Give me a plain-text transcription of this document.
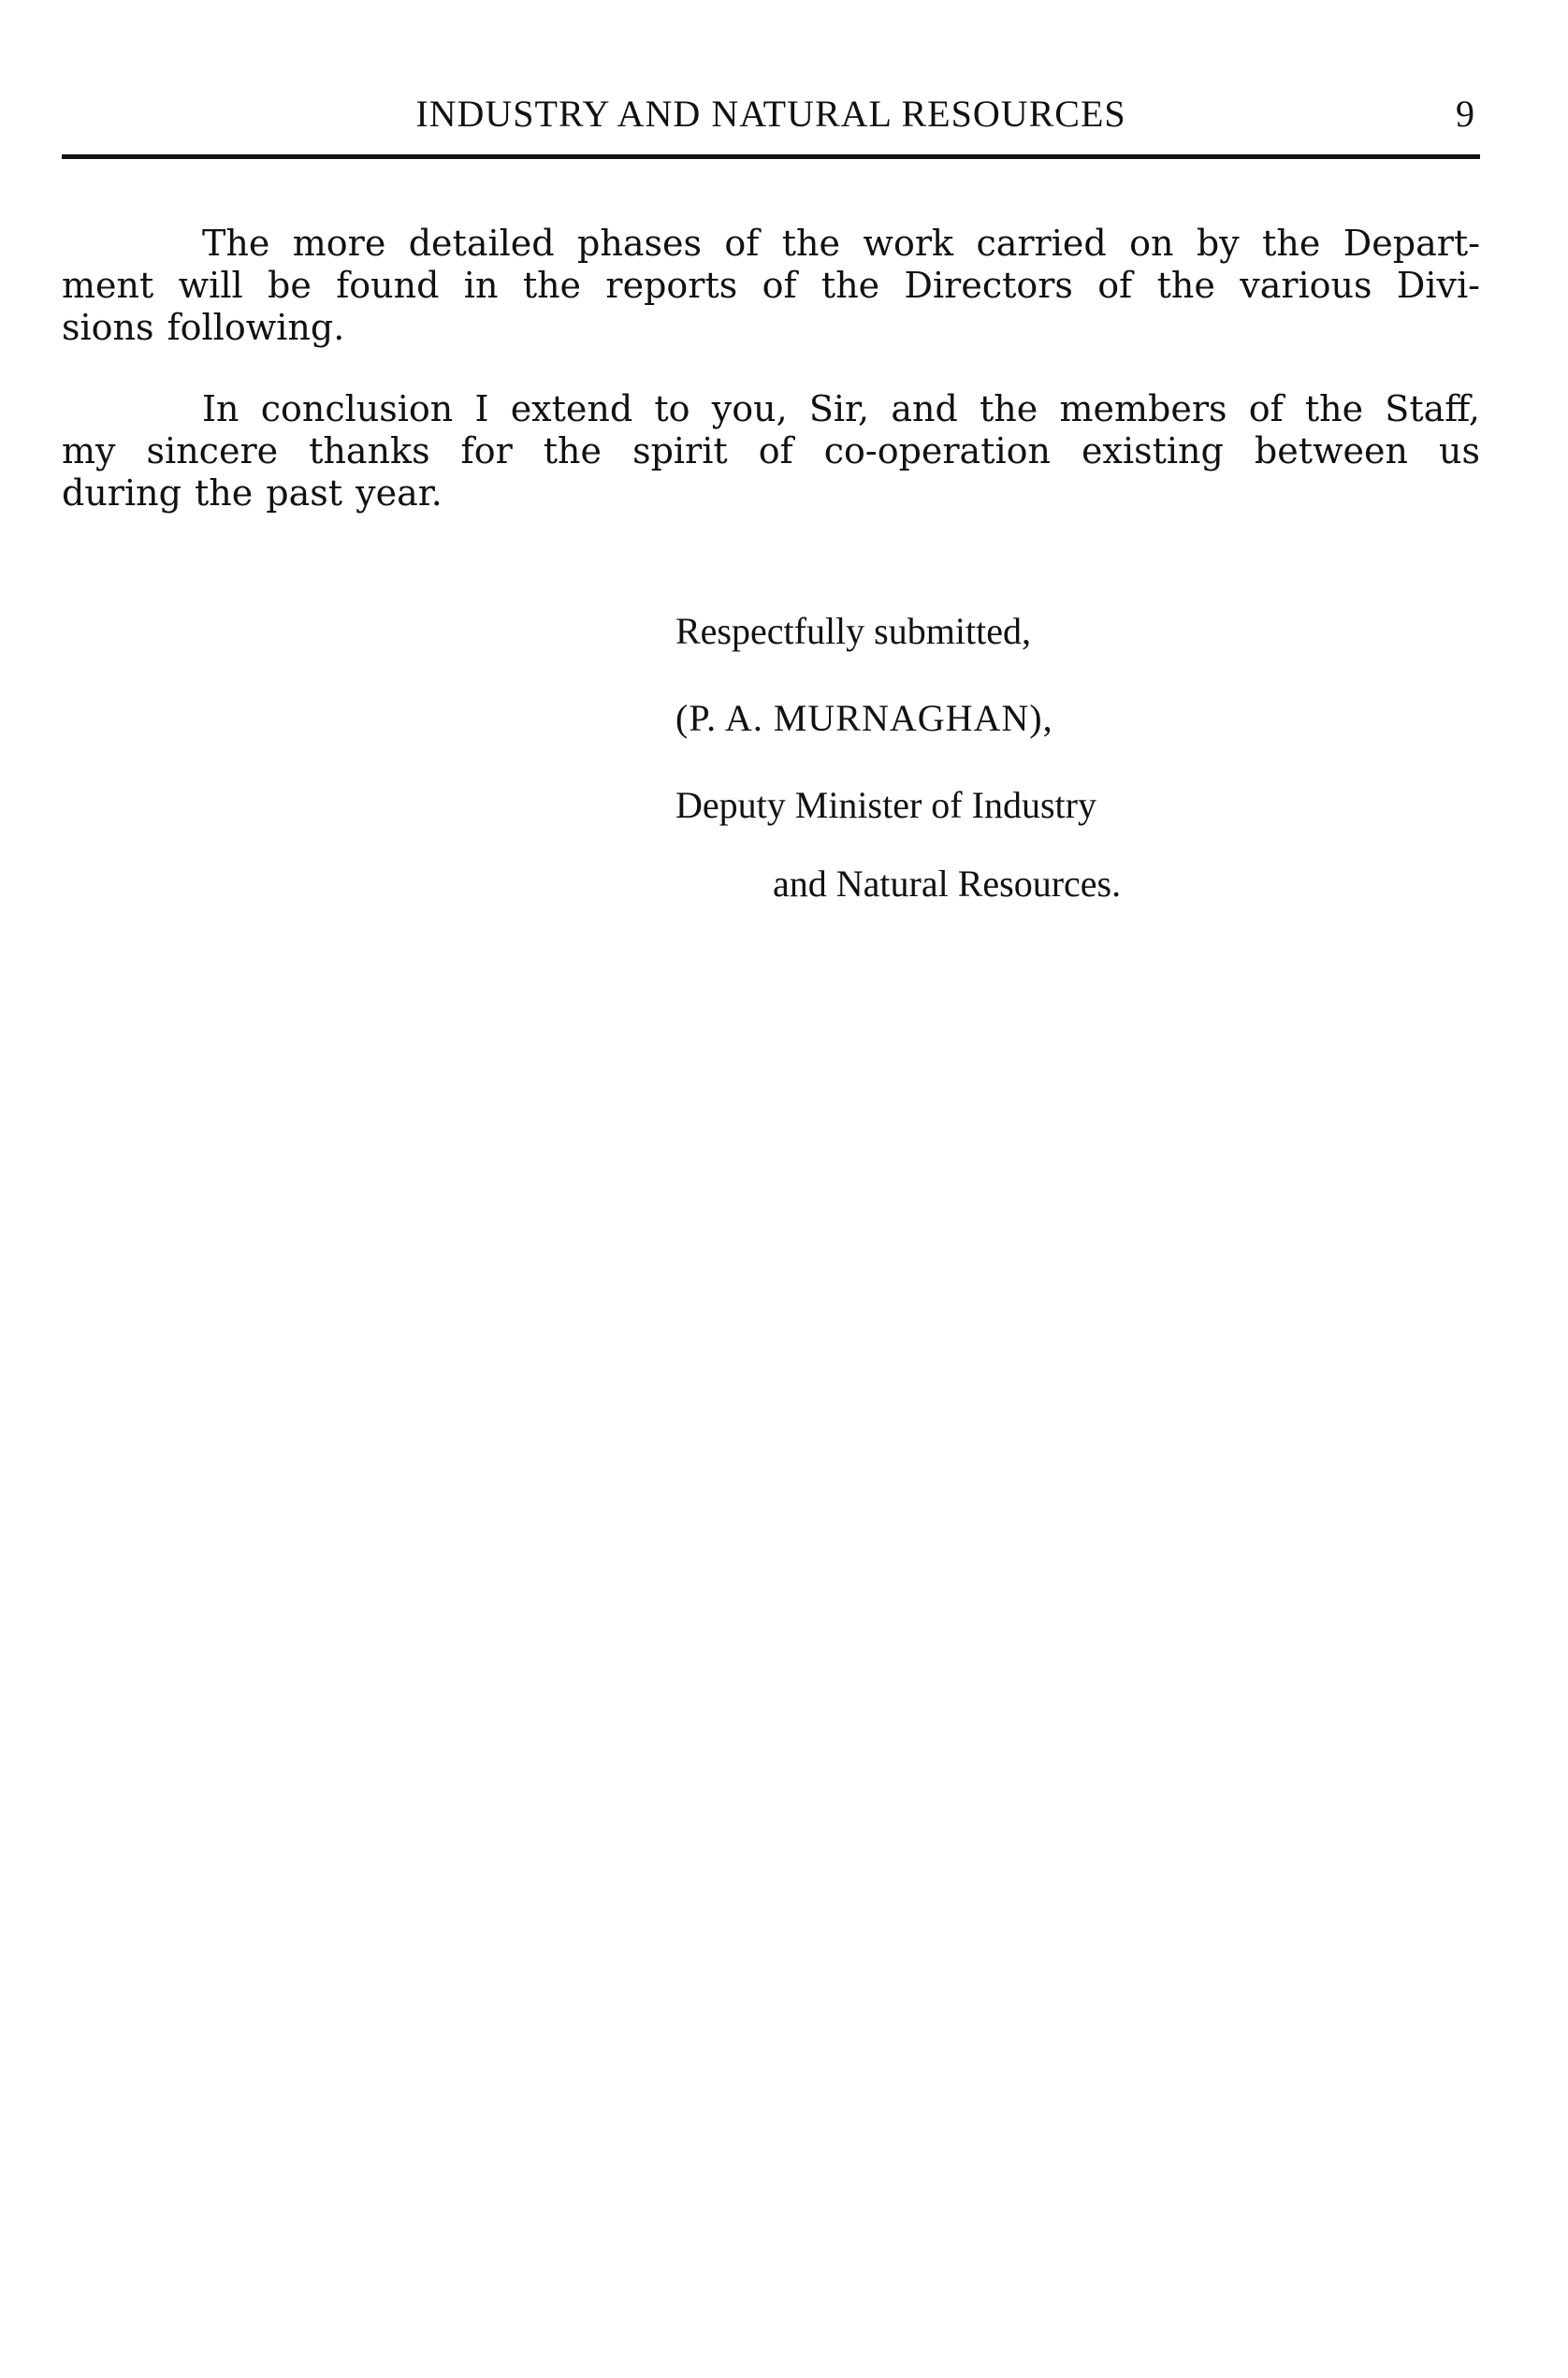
INDUSTRY AND NATURAL RESOURCES	9

The more detailed phases of the work carried on by the Depart-
ment will be found in the reports of the Directors of the various Divi-
sions following.

In conclusion I extend to you, Sir, and the members of the Staff,
my sincere thanks for the spirit of co-operation existing between us
during the past year.

Respectfully submitted,
(P. A. MURNAGHAN),
Deputy Minister of Industry
and Natural Resources.
